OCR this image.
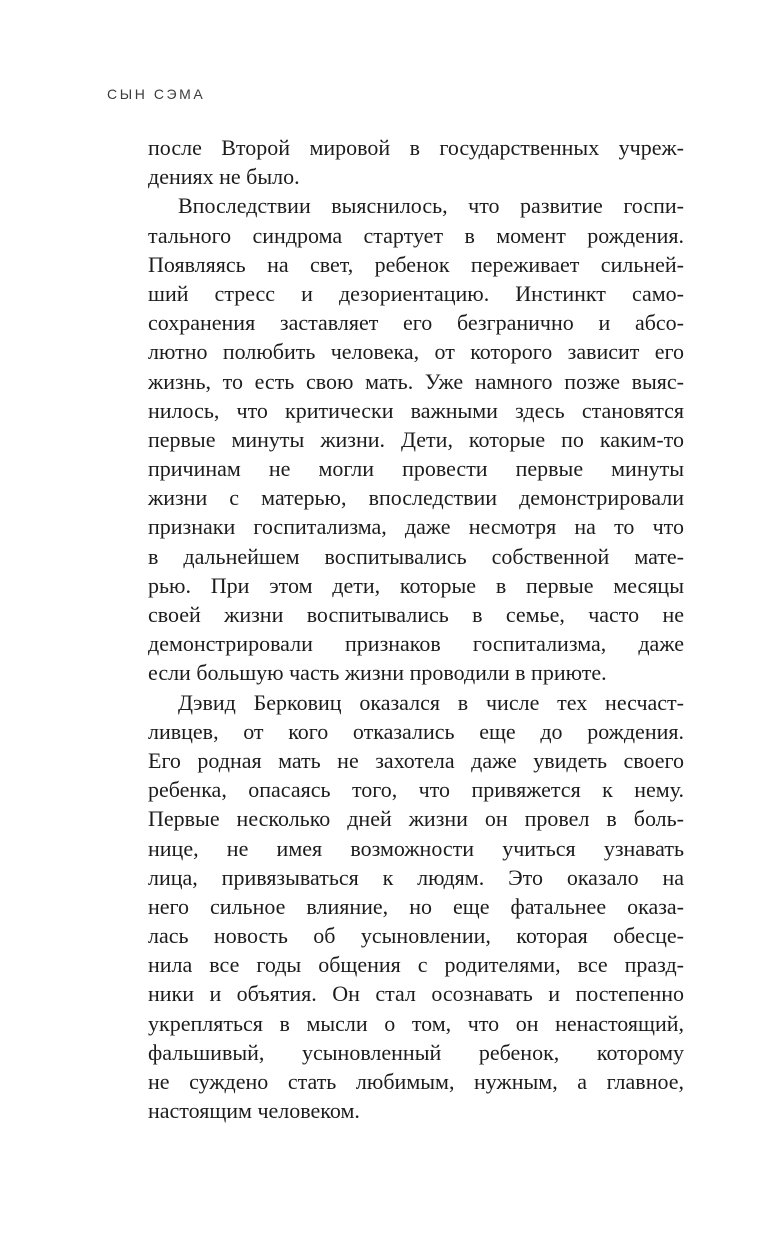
СЫН СЭМА
после Второй мировой в государственных учреж-
дениях не было.
Впоследствии выяснилось, что развитие госпи-
тального синдрома стартует в момент рождения.
Появляясь на свет, ребенок переживает сильней-
ший стресс и дезориентацию. Инстинкт само-
сохранения заставляет его безгранично и абсо-
лютно полюбить человека, от которого зависит его
жизнь, то есть свою мать. Уже намного позже выяс-
нилось, что критически важными здесь становятся
первые минуты жизни. Дети, которые по каким-то
причинам не могли провести первые минуты
жизни с матерью, впоследствии демонстрировали
признаки госпитализма, даже несмотря на то что
в дальнейшем воспитывались собственной мате-
рью. При этом дети, которые в первые месяцы
своей жизни воспитывались в семье, часто не
демонстрировали признаков госпитализма, даже
если большую часть жизни проводили в приюте.
Дэвид Берковиц оказался в числе тех несчаст-
ливцев, от кого отказались еще до рождения.
Его родная мать не захотела даже увидеть своего
ребенка, опасаясь того, что привяжется к нему.
Первые несколько дней жизни он провел в боль-
нице, не имея возможности учиться узнавать
лица, привязываться к людям. Это оказало на
него сильное влияние, но еще фатальнее оказа-
лась новость об усыновлении, которая обесце-
нила все годы общения с родителями, все празд-
ники и объятия. Он стал осознавать и постепенно
укрепляться в мысли о том, что он ненастоящий,
фальшивый, усыновленный ребенок, которому
не суждено стать любимым, нужным, а главное,
настоящим человеком.
